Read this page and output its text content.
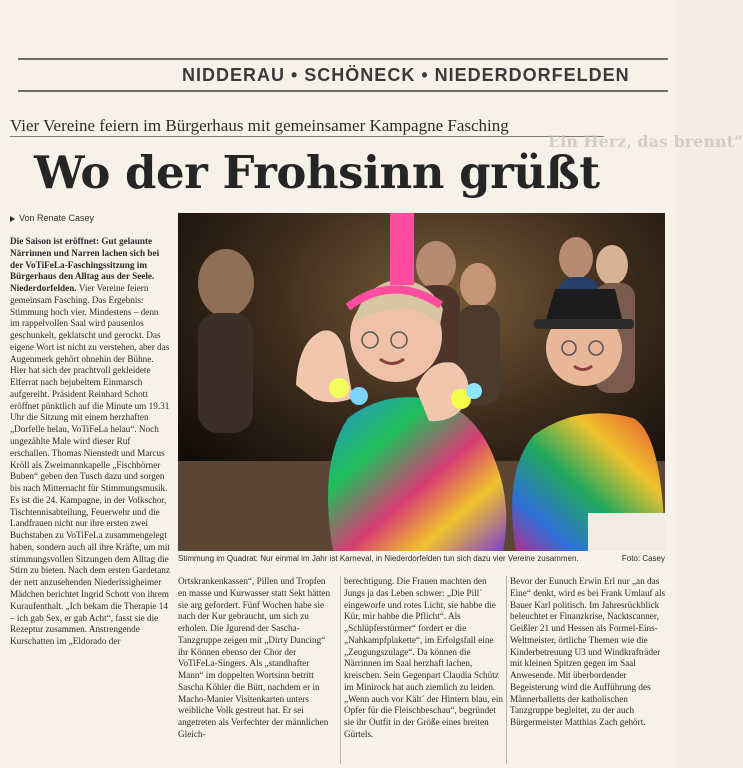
NIDDERAU • SCHÖNECK • NIEDERDORFELDEN
Vier Vereine feiern im Bürgerhaus mit gemeinsamer Kampagne Fasching
Ein Herz, das brennt“
Wo der Frohsinn grüßt
Von Renate Casey

Die Saison ist eröffnet: Gut gelaunte Närrinnen und Narren lachen sich bei der VoTiFeLa-Faschingssitzung im Bürgerhaus den Alltag aus der Seele. Niederdorfelden. Vier Vereine feiern gemeinsam Fasching. Das Ergebnis: Stimmung hoch vier. Mindestens – denn im rappelvollen Saal wird pausenlos geschunkelt, geklatscht und gerockt. Das eigene Wort ist nicht zu verstehen, aber das Augenmerk gehört ohnehin der Bühne. Hier hat sich der prachtvoll gekleidete Elferrat nach bejubeltem Einmarsch aufgereiht. Präsident Reinhard Schott eröffnet pünktlich auf die Minute um 19.31 Uhr die Sitzung mit einem herzhaften „Dorfelle helau, VoTiFeLa helau“. Noch ungezählte Male wird dieser Ruf erschallen. Thomas Nienstedt und Marcus Kröll als Zweimannkapelle „Fischbörner Buben“ geben den Tusch dazu und sorgen bis nach Mitternacht für Stimmungsmusik. Es ist die 24. Kampagne, in der Volkschor, Tischtennisabteilung, Feuerwehr und die Landfrauen nicht nur ihre ersten zwei Buchstaben zu VoTiFeLa zusammengelegt haben, sondern auch all ihre Kräfte, um mit stimmungsvollen Sitzungen dem Alltag die Stirn zu bieten. Nach dem ersten Gardetanz der nett anzusehenden Niederissigheimer Mädchen berichtet Ingrid Schott von ihrem Kuraufenthalt. „Ich bekam die Therapie 14 – ich gab Sex, er gab Acht“, fasst sie die Rezeptur zusammen. Anstrengende Kurschatten im „Eldorado der

Stimmung im Quadrat: Nur einmal im Jahr ist Karneval, in Niederdorfelden tun sich dazu vier Vereine zusammen.	Foto: Casey

Ortskrankenkassen“, Pillen und Tropfen en masse und Kurwasser statt Sekt hätten sie arg gefordert. Fünf Wochen habe sie nach der Kur gebraucht, um sich zu erholen. Die Jgurend der Sascha-Tanzgruppe zeigen mit „Dirty Dancing“ ihr Können ebenso der Chor der VoTiFeLa-Singers. Als „standhafter Mann“ im doppelten Wortsinn betritt Sascha Köhler die Bütt, nachdem er in Macho-Manier Visitenkarten unters weibliche Volk gestreut hat. Er sei angetreten als Verfechter der männlichen Gleich-

berechtigung. Die Frauen machten den Jungs ja das Leben schwer: „Die Pill´ eingeworfe und rotes Licht, sie habbe die Kür, mir habbe die Pflicht“. Als „Schlüpferstürmer“ fordert er die „Nahkampfplakette“, im Erfolgsfall eine „Zeugungszulage“. Da können die Närrinnen im Saal herzhaft lachen, kreischen. Sein Gegenpart Claudia Schütz im Minirock hat auch ziemlich zu leiden. „Wenn auch vor Kält´ der Hintern blau, ein Opfer für die Fleischbeschau“, begründet sie ihr Outfit in der Größe eines breiten Gürtels.

Bevor der Eunuch Erwin Erl nur „an das Eine“ denkt, wird es bei Frank Umlauf als Bauer Karl politisch. Im Jahresrückblick beleuchtet er Finanzkrise, Nacktscanner, Geißler 21 und Hessen als Formel-Eins-Weltmeister, örtliche Themen wie die Kinderbetreuung U3 und Windkrafträder mit kleinen Spitzen gegen im Saal Anwesende. Mit überbordender Begeisterung wird die Aufführung des Männerballetts der katholischen Tanzgruppe begleitet, zu der auch Bürgermeister Matthias Zach gehört.
